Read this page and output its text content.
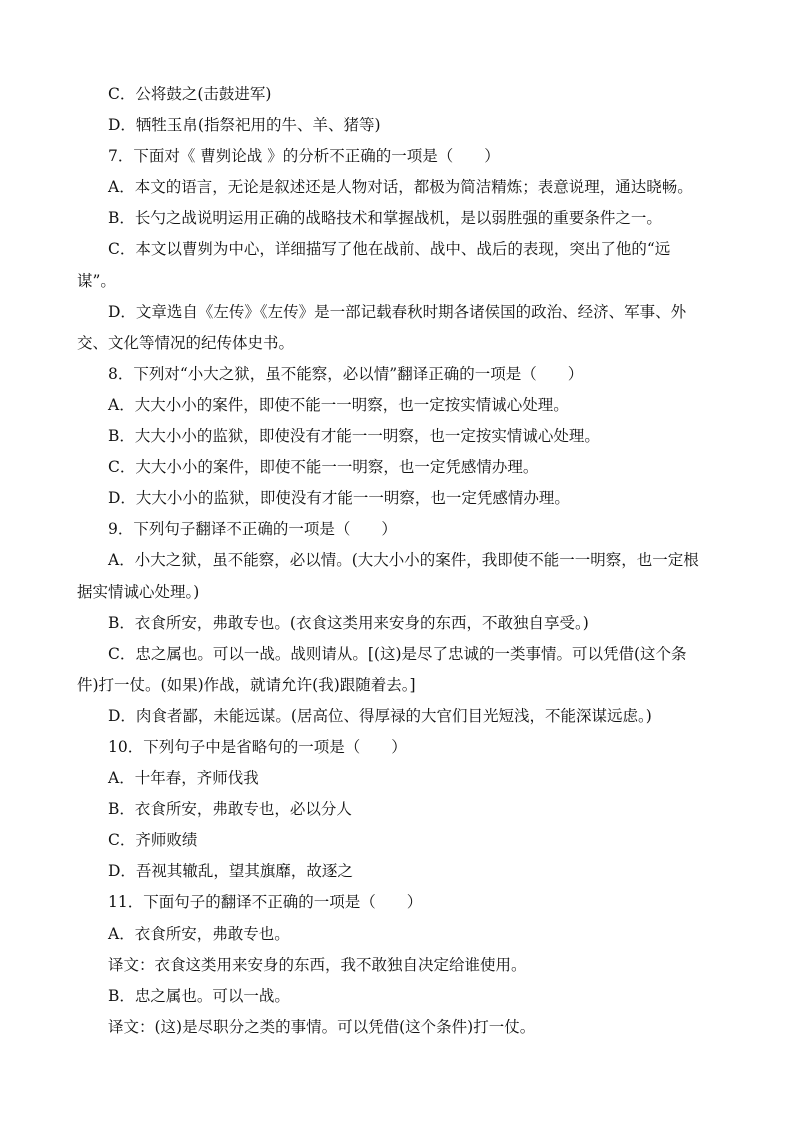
C．公将鼓之(击鼓进军)
D．牺牲玉帛(指祭祀用的牛、羊、猪等)
7．下面对《 曹刿论战 》的分析不正确的一项是（　　）
A．本文的语言，无论是叙述还是人物对话，都极为简洁精炼；表意说理，通达晓畅。
B．长勺之战说明运用正确的战略技术和掌握战机，是以弱胜强的重要条件之一。
C．本文以曹刿为中心，详细描写了他在战前、战中、战后的表现，突出了他的“远
谋”。
D．文章选自《左传》《左传》是一部记载春秋时期各诸侯国的政治、经济、军事、外
交、文化等情况的纪传体史书。
8．下列对“小大之狱，虽不能察，必以情”翻译正确的一项是（　　）
A．大大小小的案件，即使不能一一明察，也一定按实情诚心处理。
B．大大小小的监狱，即使没有才能一一明察，也一定按实情诚心处理。
C．大大小小的案件，即使不能一一明察，也一定凭感情办理。
D．大大小小的监狱，即使没有才能一一明察，也一定凭感情办理。
9．下列句子翻译不正确的一项是（　　）
A．小大之狱，虽不能察，必以情。(大大小小的案件，我即使不能一一明察，也一定根
据实情诚心处理。)
B．衣食所安，弗敢专也。(衣食这类用来安身的东西，不敢独自享受。)
C．忠之属也。可以一战。战则请从。[(这)是尽了忠诚的一类事情。可以凭借(这个条
件)打一仗。(如果)作战，就请允许(我)跟随着去。]
D．肉食者鄙，未能远谋。(居高位、得厚禄的大官们目光短浅，不能深谋远虑。)
10．下列句子中是省略句的一项是（　　）
A．十年春，齐师伐我
B．衣食所安，弗敢专也，必以分人
C．齐师败绩
D．吾视其辙乱，望其旗靡，故逐之
11．下面句子的翻译不正确的一项是（　　）
A．衣食所安，弗敢专也。
译文：衣食这类用来安身的东西，我不敢独自决定给谁使用。
B．忠之属也。可以一战。
译文：(这)是尽职分之类的事情。可以凭借(这个条件)打一仗。
